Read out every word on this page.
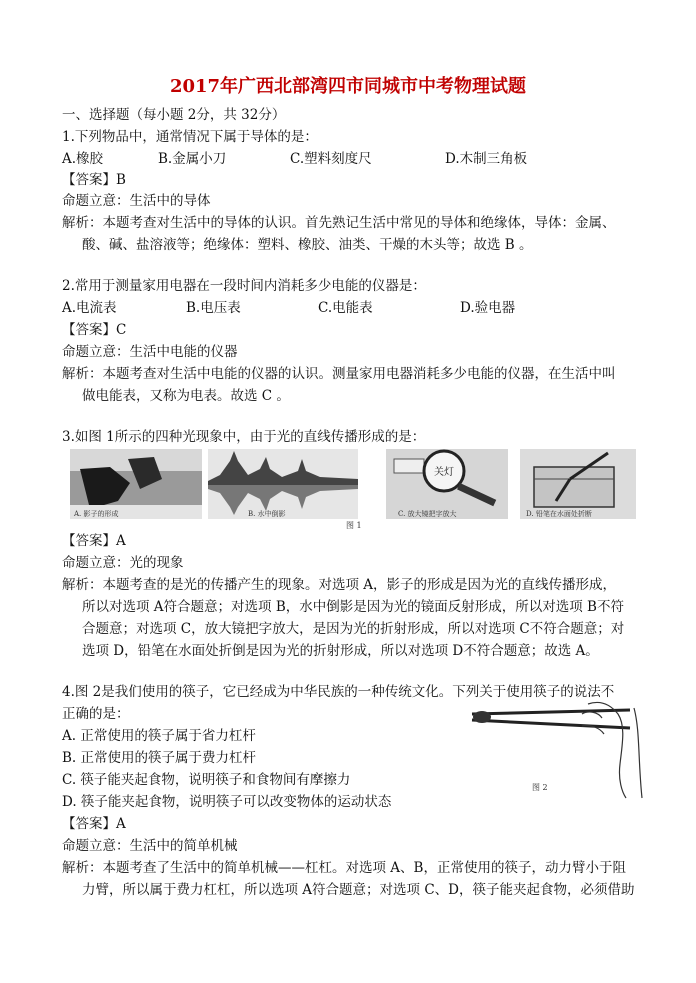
2017年广西北部湾四市同城市中考物理试题
一、选择题（每小题 2分，共 32分）
1.下列物品中，通常情况下属于导体的是：
A.橡胶	B.金属小刀	C.塑料刻度尺	D.木制三角板
【答案】B
命题立意：生活中的导体
解析：本题考查对生活中的导体的认识。首先熟记生活中常见的导体和绝缘体，导体：金属、
酸、碱、盐溶液等；绝缘体：塑料、橡胶、油类、干燥的木头等；故选 B 。
2.常用于测量家用电器在一段时间内消耗多少电能的仪器是：
A.电流表	B.电压表	C.电能表	D.验电器
【答案】C
命题立意：生活中电能的仪器
解析：本题考查对生活中电能的仪器的认识。测量家用电器消耗多少电能的仪器，在生活中叫
做电能表，又称为电表。故选 C 。
3.如图 1所示的四种光现象中，由于光的直线传播形成的是：
A. 影子的形成	B. 水中倒影
关灯
C. 放大镜把字放大	D. 铅笔在水面处折断
图 1
【答案】A
命题立意：光的现象
解析：本题考查的是光的传播产生的现象。对选项 A，影子的形成是因为光的直线传播形成，
所以对选项 A符合题意；对选项 B，水中倒影是因为光的镜面反射形成，所以对选项 B不符
合题意；对选项 C，放大镜把字放大，是因为光的折射形成，所以对选项 C不符合题意；对
选项 D，铅笔在水面处折倒是因为光的折射形成，所以对选项 D不符合题意；故选 A。
4.图 2是我们使用的筷子，它已经成为中华民族的一种传统文化。下列关于使用筷子的说法不
正确的是：
A. 正常使用的筷子属于省力杠杆
B. 正常使用的筷子属于费力杠杆
C. 筷子能夹起食物，说明筷子和食物间有摩擦力
D. 筷子能夹起食物，说明筷子可以改变物体的运动状态
图 2
【答案】A
命题立意：生活中的简单机械
解析：本题考查了生活中的简单机械——杠杠。对选项 A、B，正常使用的筷子，动力臂小于阻
力臂，所以属于费力杠杠，所以选项 A符合题意；对选项 C、D，筷子能夹起食物，必须借助
